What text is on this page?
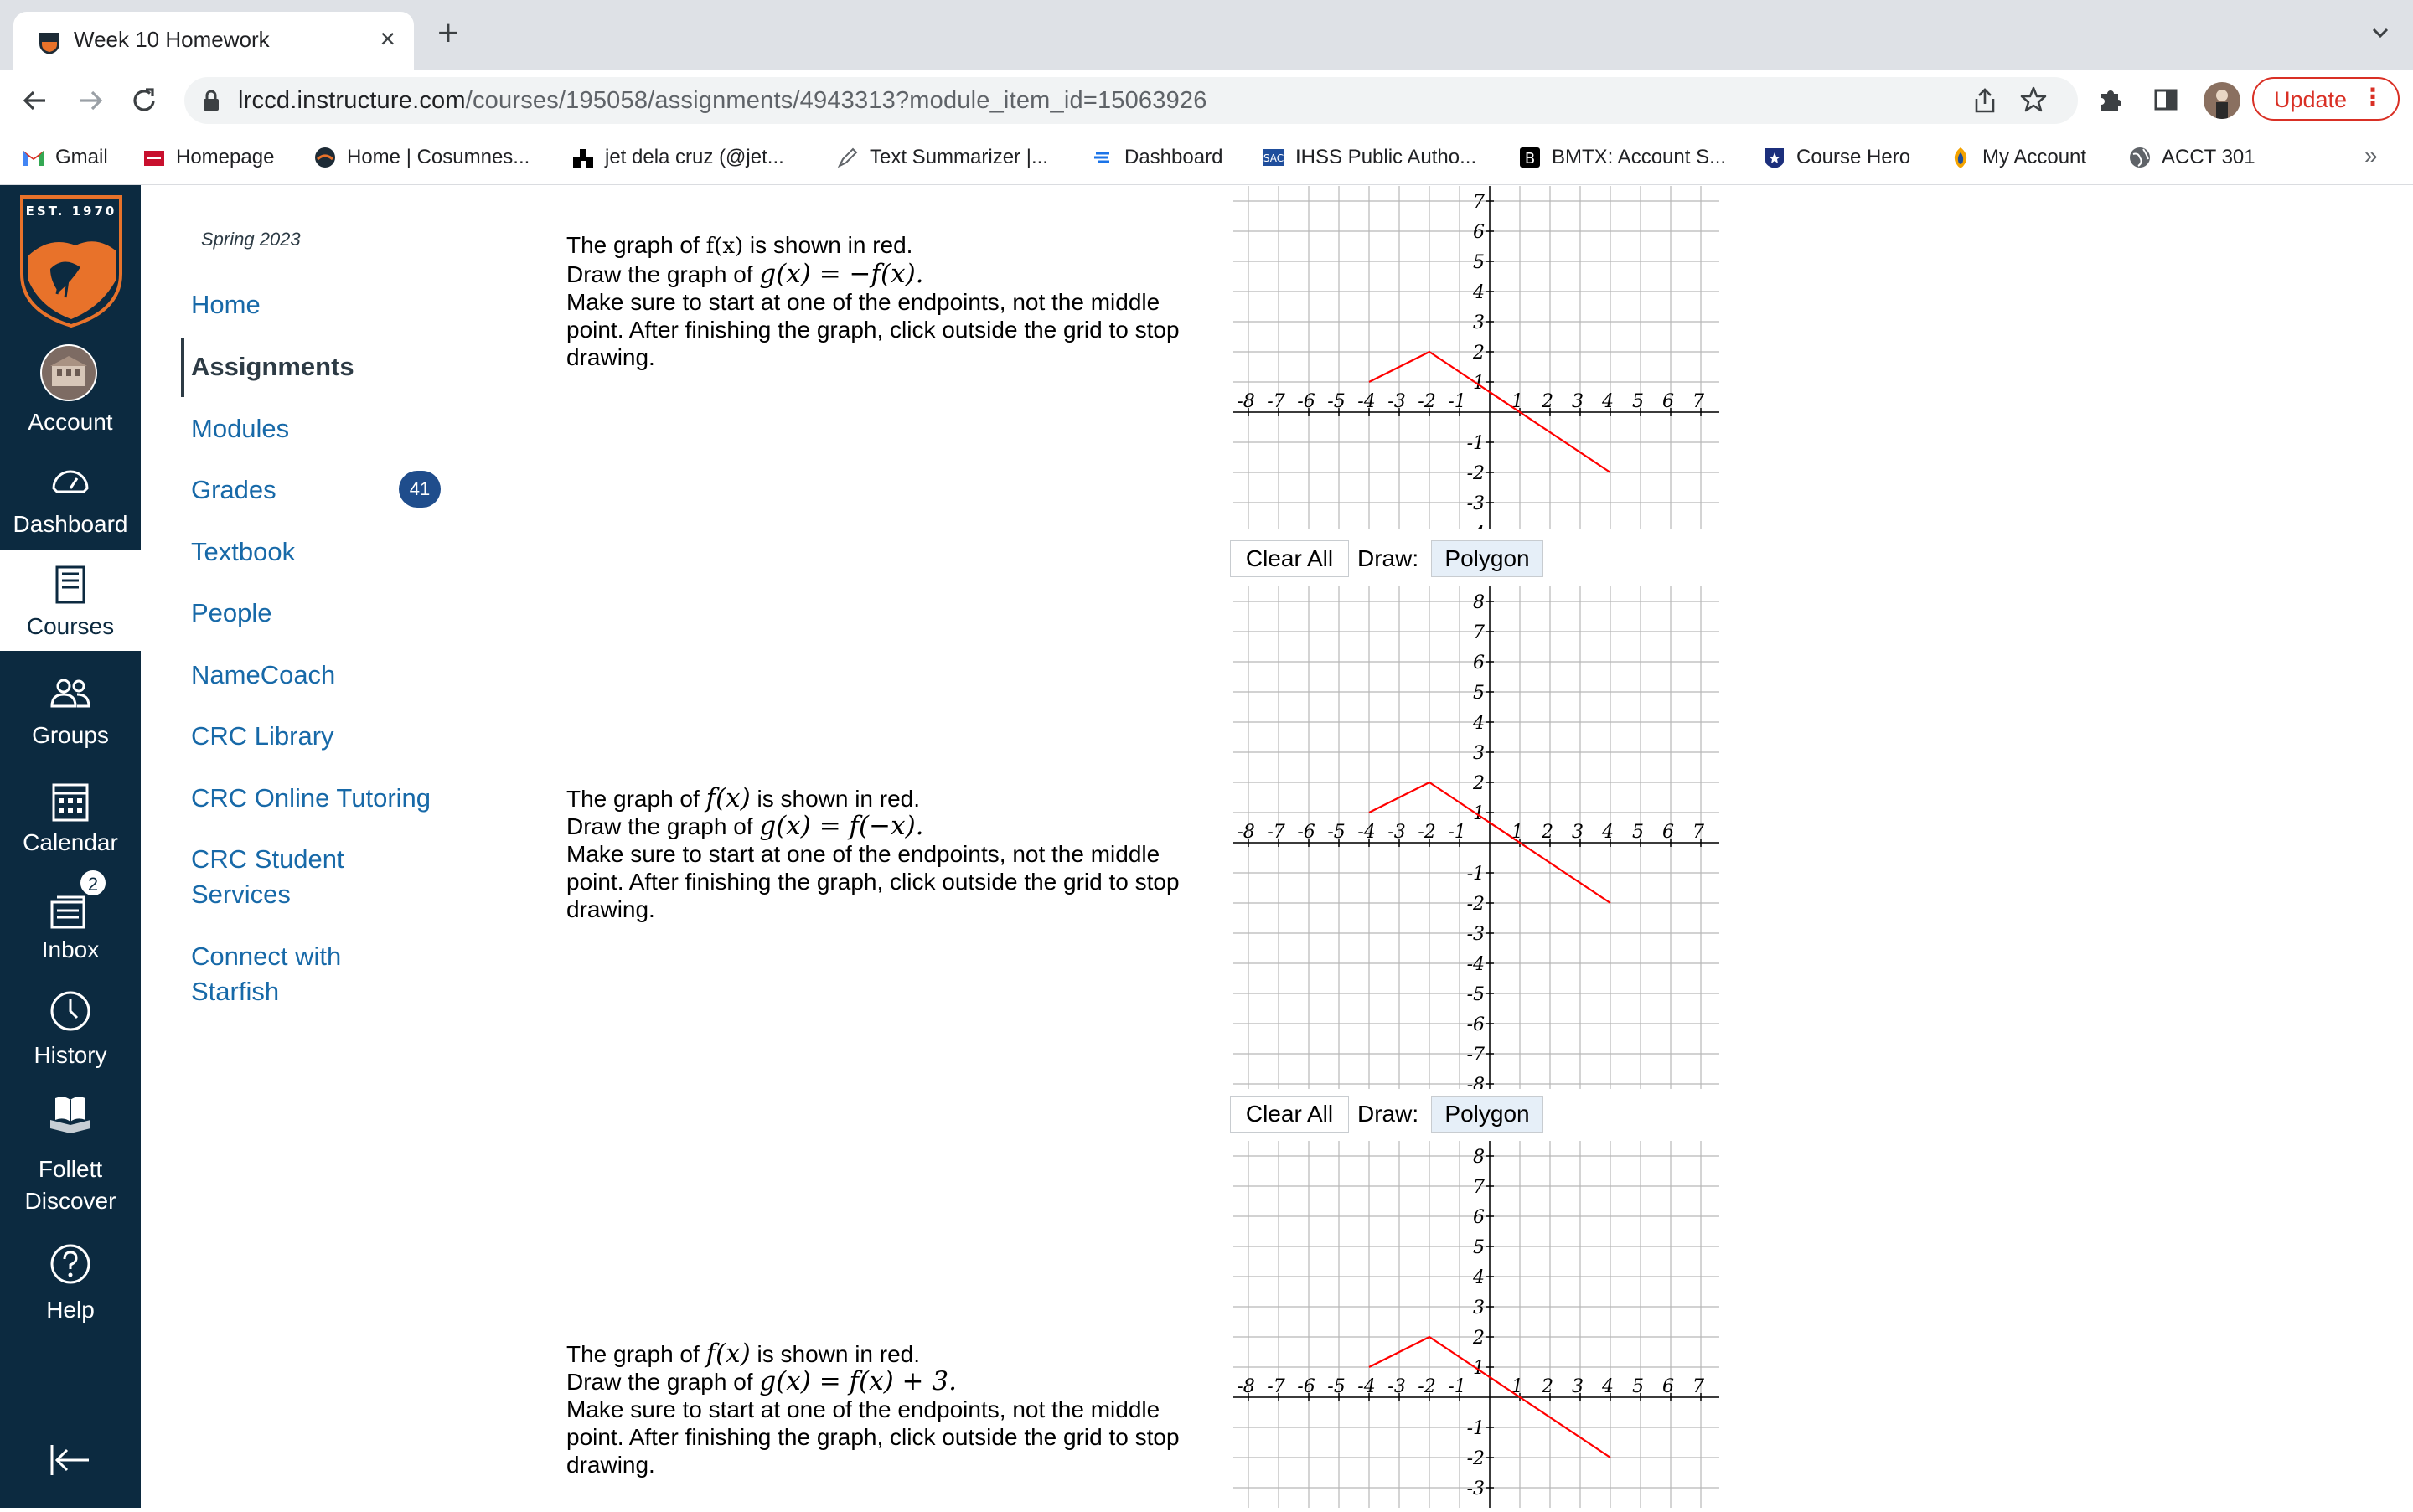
Week 10 Homework	× +
lrccd.instructure.com/courses/195058/assignments/4943313?module_item_id=15063926	Update ⋮
Gmail	Homepage	Home | Cosumnes...	jet dela cruz (@jet...	Text Summarizer |...	Dashboard	SAC IHSS Public Autho...	B BMTX: Account S...	Course Hero	My Account	ACCT 301	»
EST. 1970
Account
Dashboard
Courses
Groups
Calendar
2
Inbox
History
Follett
Discover
Help
Spring 2023
Home
Assignments
Modules
Grades	41
Textbook
People
NameCoach
CRC Library
CRC Online Tutoring
CRC Student
Services
Connect with
Starfish
The graph of f(x) is shown in red.
Draw the graph of g(x) = −f(x).
Make sure to start at one of the endpoints, not the middle point. After finishing the graph, click outside the grid to stop drawing.
-8 -7 -6 -5 -4 -3 -2 -1 1 2 3 4 5 6 7
7
6
5
4
3
2
1
-1
-2
-3
Clear All	Draw:	Polygon
The graph of f(x) is shown in red.
Draw the graph of g(x) = f(−x).
Make sure to start at one of the endpoints, not the middle point. After finishing the graph, click outside the grid to stop drawing.
-8 -7 -6 -5 -4 -3 -2 -1 1 2 3 4 5 6 7
8
7
6
5
4
3
2
1
-1
-2
-3
-4
-5
-6
-7
-8
Clear All	Draw:	Polygon
The graph of f(x) is shown in red.
Draw the graph of g(x) = f(x) + 3.
Make sure to start at one of the endpoints, not the middle point. After finishing the graph, click outside the grid to stop drawing.
-8 -7 -6 -5 -4 -3 -2 -1 1 2 3 4 5 6 7
8
7
6
5
4
3
2
1
-1
-2
-3
